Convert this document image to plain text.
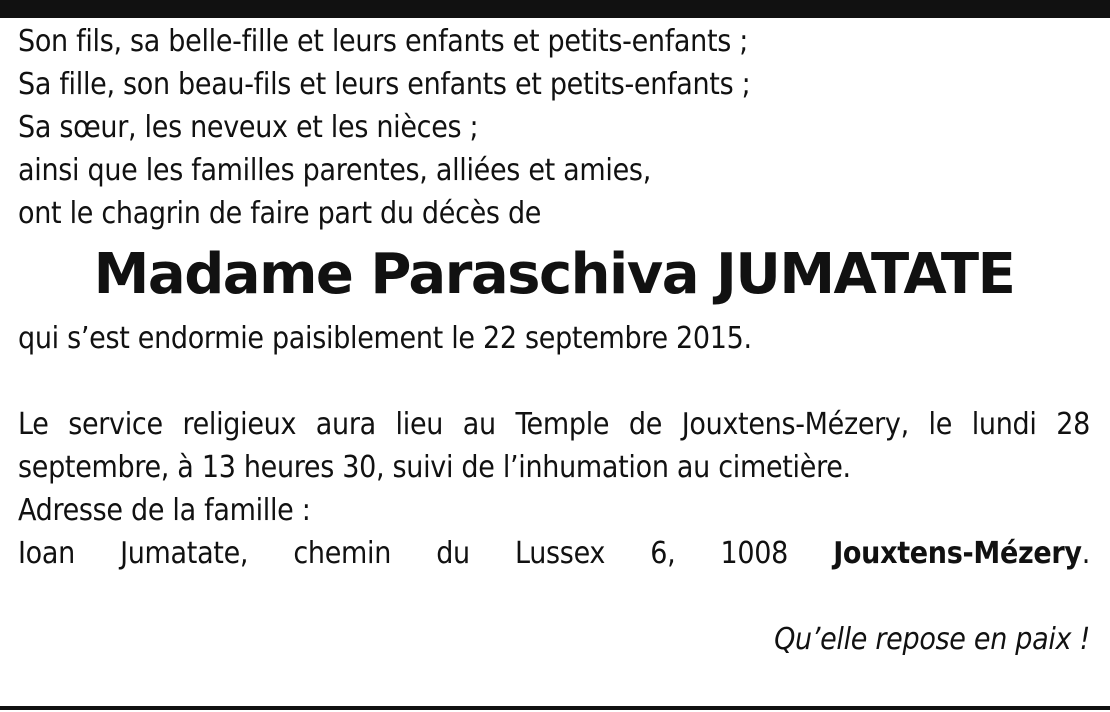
Son fils, sa belle-fille et leurs enfants et petits-enfants ;
Sa fille, son beau-fils et leurs enfants et petits-enfants ;
Sa sœur, les neveux et les nièces ;
ainsi que les familles parentes, alliées et amies,
ont le chagrin de faire part du décès de
Madame Paraschiva JUMATATE
qui s’est endormie paisiblement le 22 septembre 2015.
Le service religieux aura lieu au Temple de Jouxtens-Mézery, le lundi 28 septembre, à 13 heures 30, suivi de l’inhumation au cimetière.
Adresse de la famille :
Ioan Jumatate, chemin du Lussex 6, 1008 Jouxtens-Mézery.
Qu’elle repose en paix !
